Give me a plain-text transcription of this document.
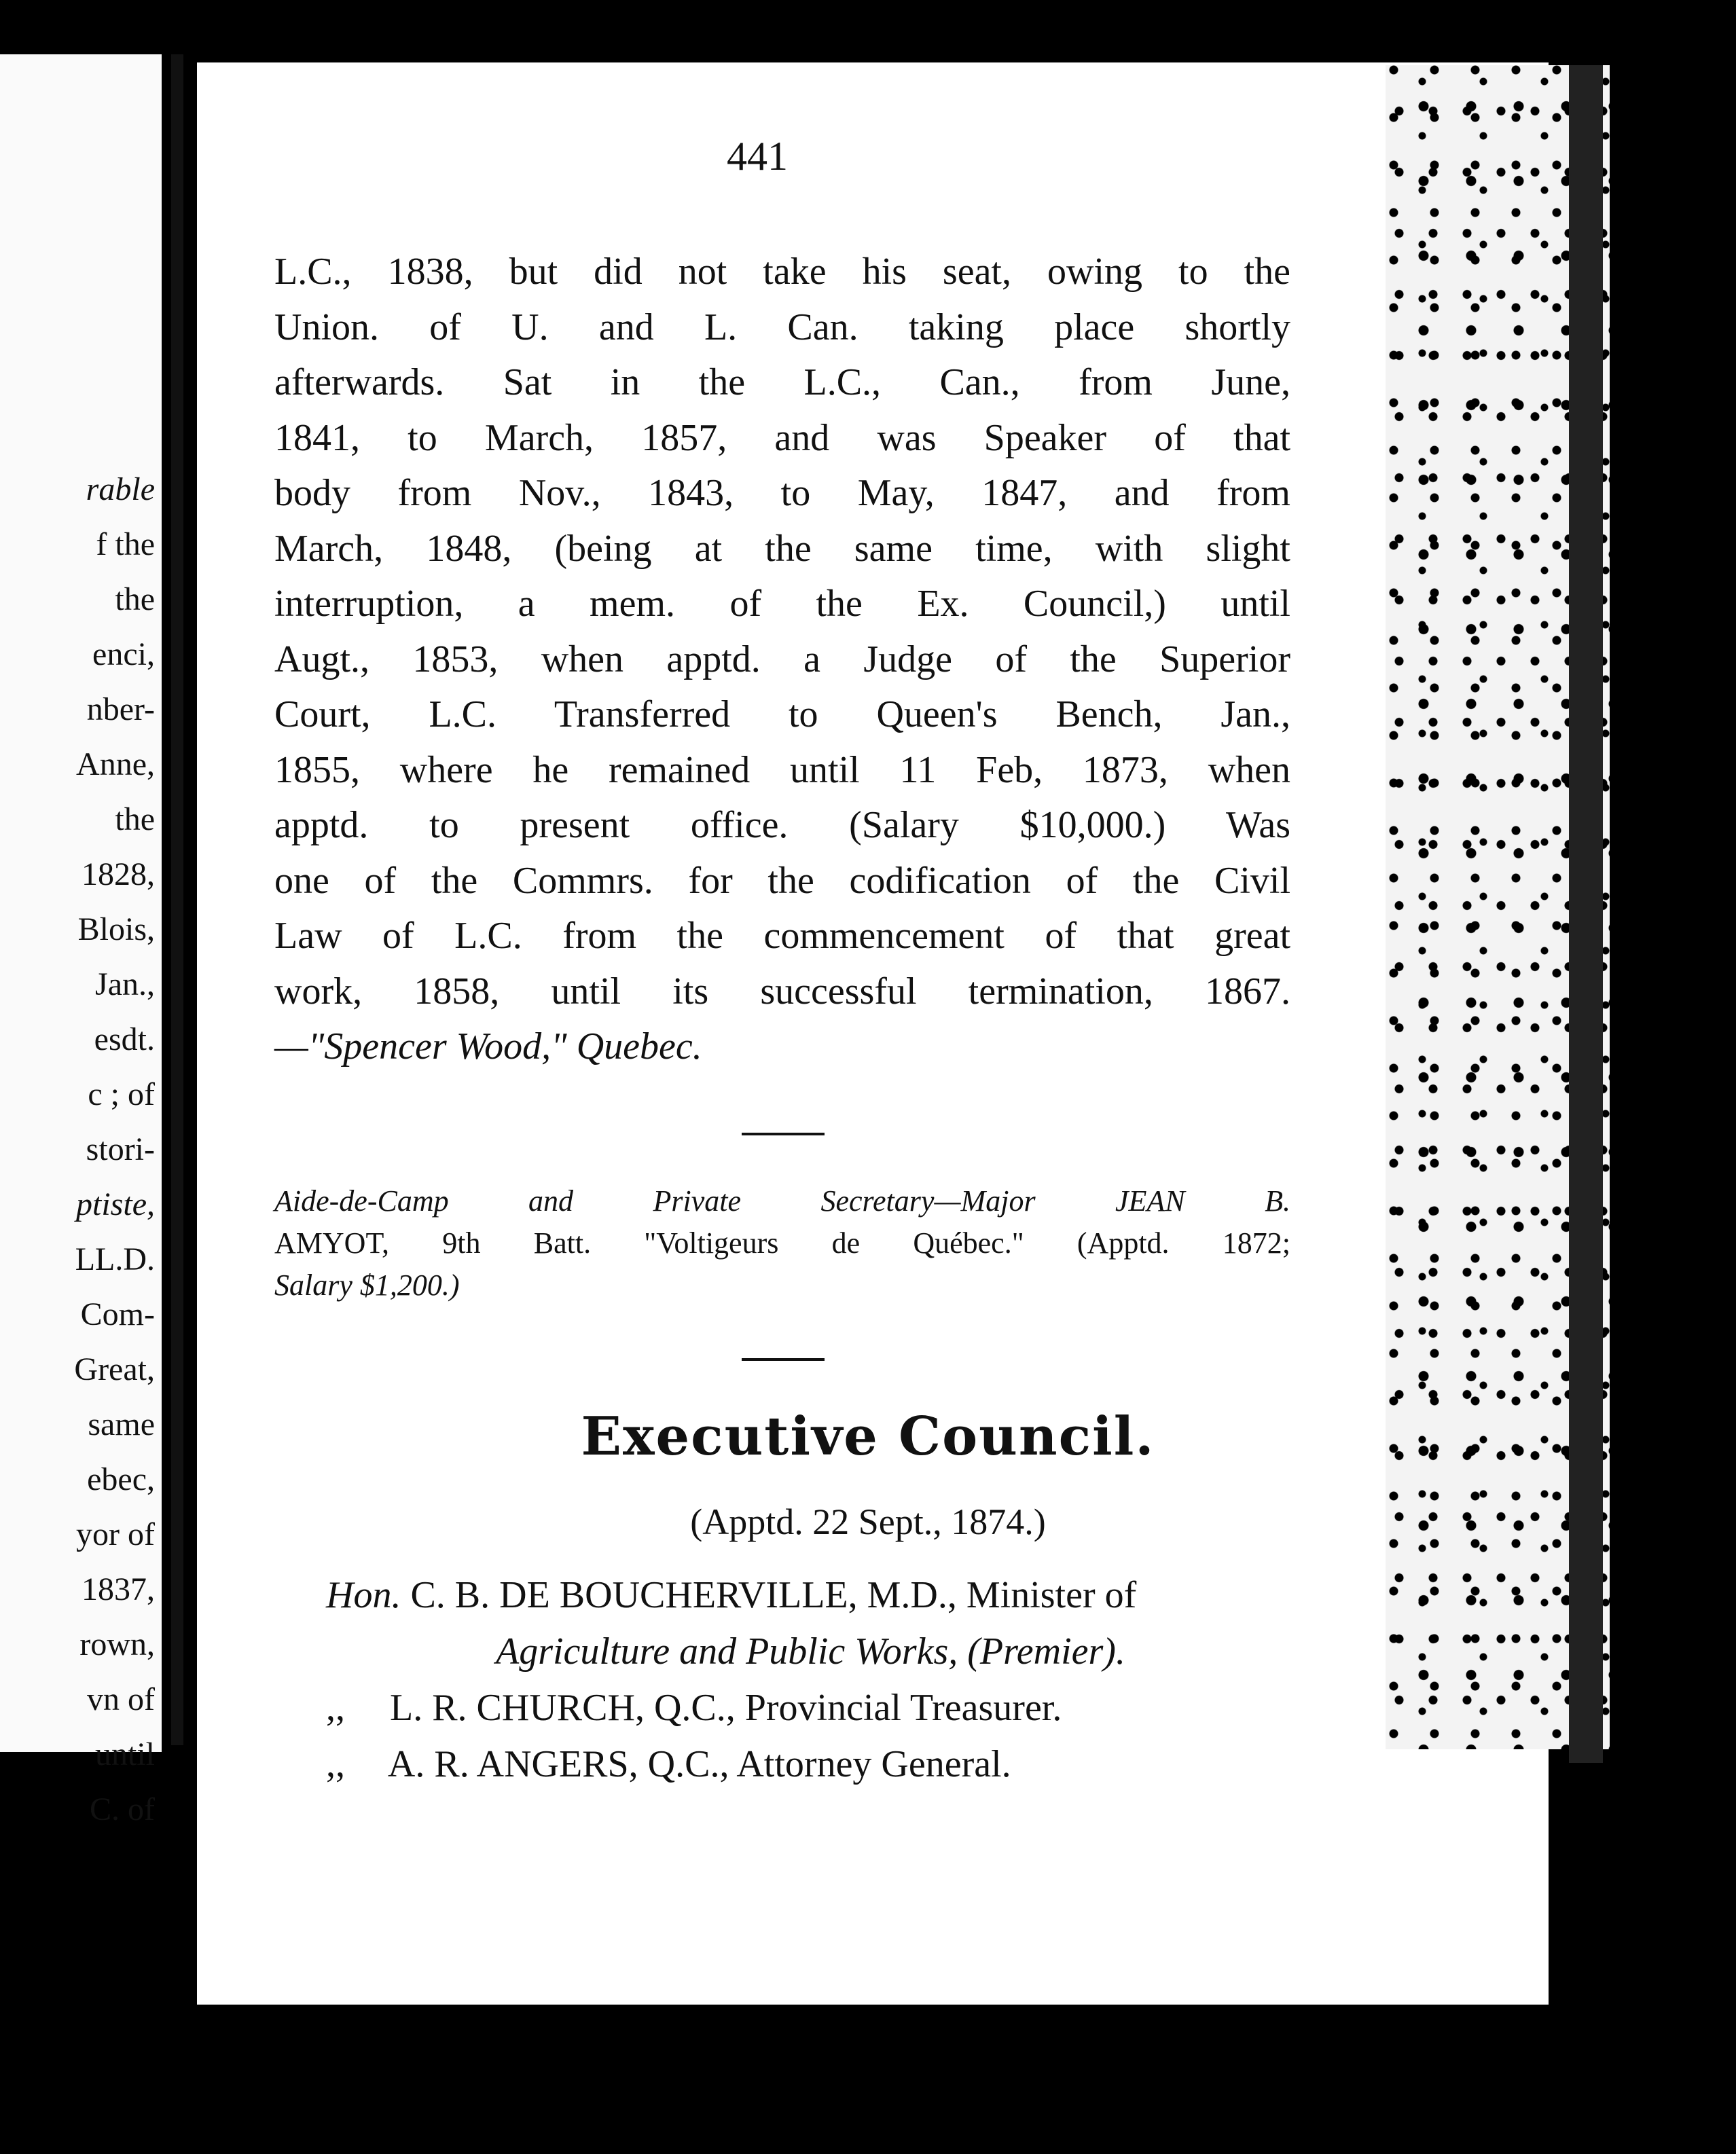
rable
f the
the
enci,
nber-
Anne,
the
1828,
Blois,
Jan.,
esdt.
c ; of
stori-
ptiste,
LL.D.
Com-
Great,
same
ebec,
yor of
1837,
rown,
vn of
until
C. of
441
L.C., 1838, but did not take his seat, owing to the
Union. of U. and L. Can. taking place shortly
afterwards. Sat in the L.C., Can., from June,
1841, to March, 1857, and was Speaker of that
body from Nov., 1843, to May, 1847, and from
March, 1848, (being at the same time, with slight
interruption, a mem. of the Ex. Council,) until
Augt., 1853, when apptd. a Judge of the Superior
Court, L.C. Transferred to Queen's Bench, Jan.,
1855, where he remained until 11 Feb, 1873, when
apptd. to present office. (Salary $10,000.) Was
one of the Commrs. for the codification of the Civil
Law of L.C. from the commencement of that great
work, 1858, until its successful termination, 1867.
—"Spencer Wood," Quebec.
Aide-de-Camp and Private Secretary—Major JEAN B.
AMYOT, 9th Batt. "Voltigeurs de Québec." (Apptd. 1872;
Salary $1,200.)
Executive Council.
(Apptd. 22 Sept., 1874.)
Hon. C. B. DE BOUCHERVILLE, M.D., Minister of
Agriculture and Public Works, (Premier).
,, L. R. CHURCH, Q.C., Provincial Treasurer.
,, A. R. ANGERS, Q.C., Attorney General.
